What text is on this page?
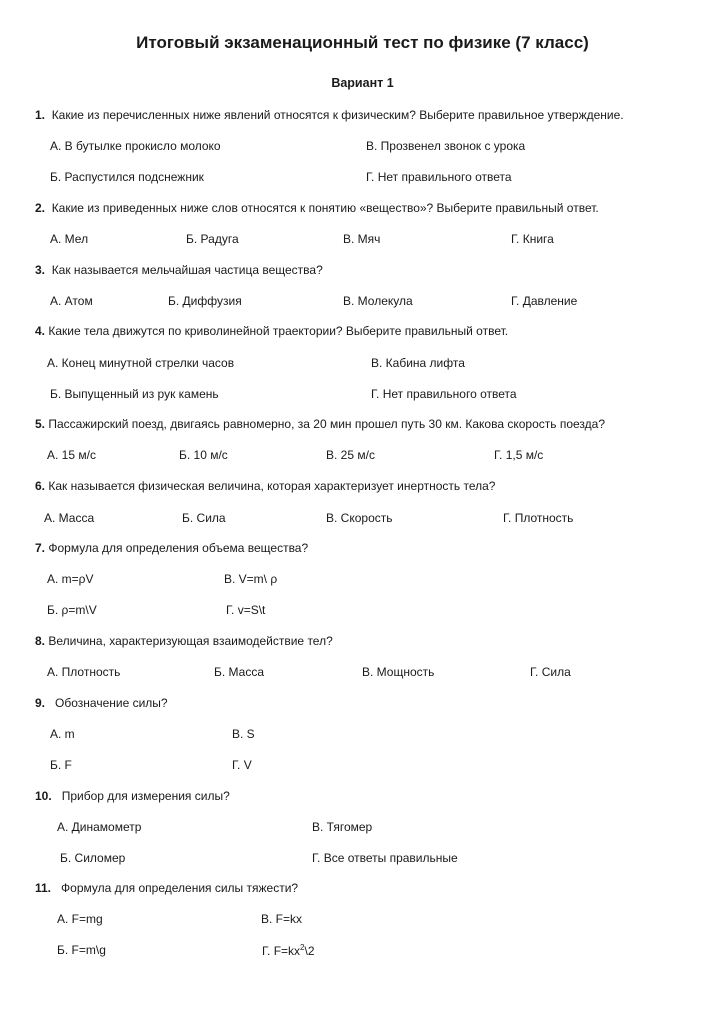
Итоговый экзаменационный тест по физике (7 класс)
Вариант 1
1. Какие из перечисленных ниже явлений относятся к физическим? Выберите правильное утверждение.
А. В бутылке прокисло молоко	В. Прозвенел звонок с урока
Б. Распустился подснежник	Г. Нет правильного ответа
2. Какие из приведенных ниже слов относятся к понятию «вещество»? Выберите правильный ответ.
А. Мел	Б. Радуга	В. Мяч	Г. Книга
3. Как называется мельчайшая частица вещества?
А. Атом	Б. Диффузия	В. Молекула	Г. Давление
4. Какие тела движутся по криволинейной траектории? Выберите правильный ответ.
А. Конец минутной стрелки часов	В. Кабина лифта
Б. Выпущенный из рук камень	Г. Нет правильного ответа
5. Пассажирский поезд, двигаясь равномерно, за 20 мин прошел путь 30 км. Какова скорость поезда?
А. 15 м/с	Б. 10 м/с	В. 25 м/с	Г. 1,5 м/с
6. Как называется физическая величина, которая характеризует инертность тела?
А. Масса	Б. Сила	В. Скорость	Г. Плотность
7. Формула для определения объема вещества?
А. m=ρV	В. V=m\ ρ
Б. ρ=m\V	Г. v=S\t
8. Величина, характеризующая взаимодействие тел?
А. Плотность	Б. Масса	В. Мощность	Г. Сила
9. Обозначение силы?
А. m	В. S
Б. F	Г. V
10. Прибор для измерения силы?
А. Динамометр	В. Тягомер
Б. Силомер	Г. Все ответы правильные
11. Формула для определения силы тяжести?
А. F=mg	В. F=kx
Б. F=m\g	Г. $F=kx^2\backslash 2$
